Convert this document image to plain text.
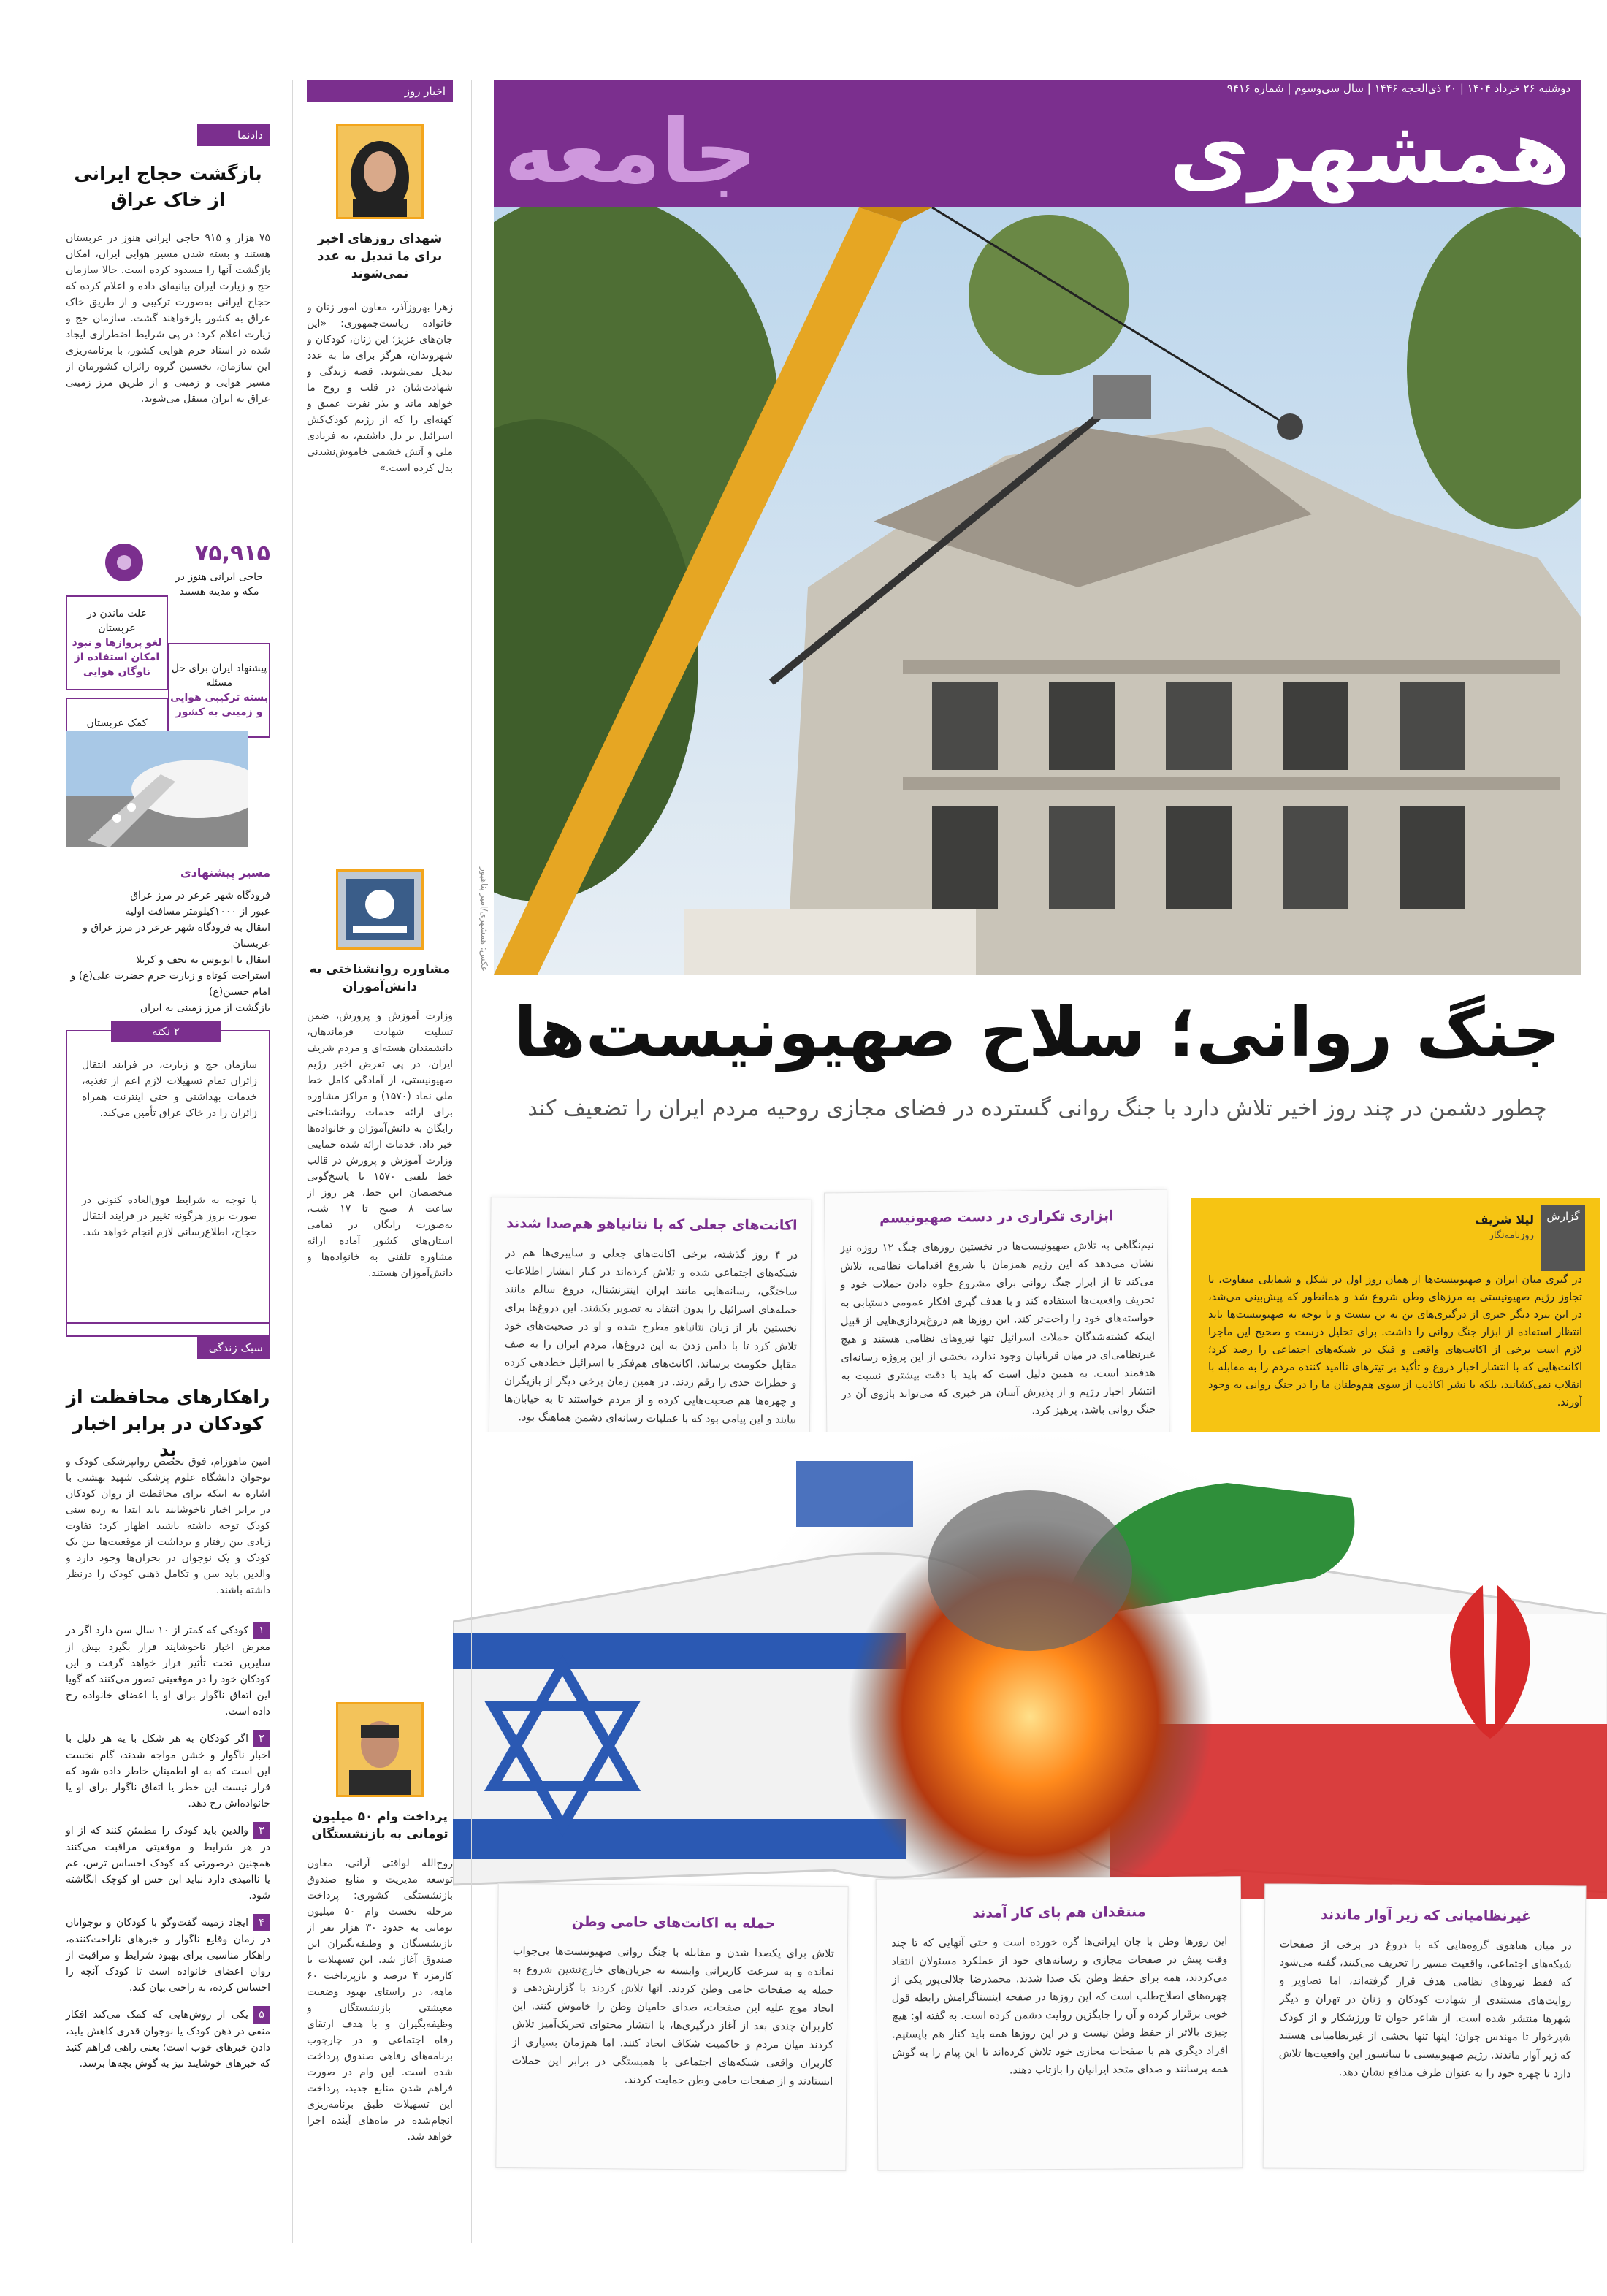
دوشنبه ۲۶ خرداد ۱۴۰۴ | ۲۰ ذی‌الحجه ۱۴۴۶ | سال سی‌وسوم | شماره ۹۴۱۶
همشهری
جامعه
عکس: همشهری/امیر پناهپور
جنگ روانی؛ سلاح صهیونیست‌ها
چطور دشمن در چند روز اخیر تلاش دارد با جنگ روانی گسترده در فضای مجازی روحیه مردم ایران را تضعیف کند
گزارش
لیلا شریف
روزنامه‌نگار
در گیری میان ایران و صهیونیست‌ها از همان روز اول در شکل و شمایلی متفاوت، با تجاوز رژیم صهیونیستی به مرزهای وطن شروع شد و همانطور که پیش‌بینی می‌شد، در این نبرد دیگر خبری از درگیری‌های تن به تن نیست و با توجه به صهیونیست‌ها باید انتظار استفاده از ابزار جنگ روانی را داشت. برای تحلیل درست و صحیح این ماجرا لازم است برخی از اکانت‌های واقعی و فیک در شبکه‌های اجتماعی را رصد کرد؛ اکانت‌هایی که با انتشار اخبار دروغ و تأکید بر تیترهای ناامید کننده مردم را به مقابله با انقلاب نمی‌کشانند، بلکه با نشر اکاذیب از سوی هم‌وطنان ما را در جنگ روانی به وجود آورند.
ابزاری تکراری در دست صهیونیسم
نیم‌نگاهی به تلاش صهیونیست‌ها در نخستین روزهای جنگ ۱۲ روزه نیز نشان می‌دهد که این رژیم همزمان با شروع اقدامات نظامی، تلاش می‌کند تا از ابزار جنگ روانی برای مشروع جلوه دادن حملات خود و تحریف واقعیت‌ها استفاده کند و با هدف گیری افکار عمومی دستیابی به خواسته‌های خود را راحت‌تر کند. این روزها هم دروغ‌پردازی‌هایی از قبیل اینکه کشته‌شدگان حملات اسرائیل تنها نیروهای نظامی هستند و هیچ غیرنظامی‌ای در میان قربانیان وجود ندارد، بخشی از این پروژه رسانه‌ای هدفمند است. به همین دلیل است که باید با دقت بیشتری نسبت به انتشار اخبار رژیم و از پذیرش آسان هر خبری که می‌تواند بازوی آن در جنگ روانی باشد، پرهیز کرد.
اکانت‌های جعلی که با نتانیاهو هم‌صدا شدند
در ۴ روز گذشته، برخی اکانت‌های جعلی و سایبری‌ها هم در شبکه‌های اجتماعی شده و تلاش کرده‌اند در کنار انتشار اطلاعات ساختگی، رسانه‌هایی مانند ایران اینترنشنال، دروغ سالم مانند حمله‌های اسرائیل را بدون انتقاد به تصویر بکشند. این دروغ‌ها برای نخستین بار از زبان نتانیاهو مطرح شده و او در صحبت‌های خود تلاش کرد تا با دامن زدن به این دروغ‌ها، مردم ایران را به صف مقابل حکومت برساند. اکانت‌های هم‌فکر با اسرائیل خط‌دهی کرده و خطرات جدی را رقم زدند. در همین زمان برخی دیگر از بازیگران و چهره‌ها هم صحبت‌هایی کرده و از مردم خواستند تا به خیابان‌ها بیایند و این پیامی بود که با عملیات رسانه‌ای دشمن هماهنگ بود.
غیرنظامیانی که زیر آوار ماندند
در میان هیاهوی گروه‌هایی که با دروغ در برخی از صفحات شبکه‌های اجتماعی، واقعیت مسیر را تحریف می‌کنند، گفته می‌شود که فقط نیروهای نظامی هدف قرار گرفته‌اند، اما تصاویر و روایت‌های مستندی از شهادت کودکان و زنان در تهران و دیگر شهرها منتشر شده است. از شاعر جوان تا ورزشکار و از کودک شیرخوار تا مهندس جوان؛ اینها تنها بخشی از غیرنظامیانی هستند که زیر آوار ماندند. رژیم صهیونیستی با سانسور این واقعیت‌ها تلاش دارد تا چهره خود را به عنوان طرف مدافع نشان دهد.
منتقدان هم پای کار آمدند
این روزها وطن با جان ایرانی‌ها گره خورده است و حتی آنهایی که تا چند وقت پیش در صفحات مجازی و رسانه‌های خود از عملکرد مسئولان انتقاد می‌کردند، همه برای حفظ وطن یک صدا شدند. محمدرضا جلالی‌پور یکی از چهره‌های اصلاح‌طلب است که این روزها در صفحه اینستاگرامش رابطه قول خوبی برقرار کرده و آن را جایگزین روایت دشمن کرده است. به گفته او: هیچ چیزی بالاتر از حفظ وطن نیست و در این روزها همه باید کنار هم بایستیم. افراد دیگری هم با صفحات مجازی خود تلاش کرده‌اند تا این پیام را به گوش همه برسانند و صدای متحد ایرانیان را بازتاب دهند.
حمله به اکانت‌های حامی وطن
تلاش برای یکصدا شدن و مقابله با جنگ روانی صهیونیست‌ها بی‌جواب نمانده و به سرعت کاربرانی وابسته به جریان‌های خارج‌نشین شروع به حمله به صفحات حامی وطن کردند. آنها تلاش کردند با گزارش‌دهی و ایجاد موج علیه این صفحات، صدای حامیان وطن را خاموش کنند. این کاربران چندی بعد از آغاز درگیری‌ها، با انتشار محتوای تحریک‌آمیز تلاش کردند میان مردم و حاکمیت شکاف ایجاد کنند. اما هم‌زمان بسیاری از کاربران واقعی شبکه‌های اجتماعی با همبستگی در برابر این حملات ایستادند و از صفحات حامی وطن حمایت کردند.
اخبار روز
شهدای روزهای اخیر برای ما تبدیل به عدد نمی‌شوند
زهرا بهروزآذر، معاون امور زنان و خانواده ریاست‌جمهوری: «این جان‌های عزیز؛ این زنان، کودکان و شهروندان، هرگز برای ما به عدد تبدیل نمی‌شوند. قصه زندگی و شهادت‌شان در قلب و روح ما خواهد ماند و بذر نفرت عمیق و کهنه‌ای را که از رژیم کودک‌کش اسرائیل بر دل داشتیم، به فریادی ملی و آتش خشمی خاموش‌نشدنی بدل کرده است.»
مشاوره روانشناختی به دانش‌آموزان
وزارت آموزش و پرورش، ضمن تسلیت شهادت فرماندهان، دانشمندان هسته‌ای و مردم شریف ایران، در پی تعرض اخیر رژیم صهیونیستی، از آمادگی کامل خط ملی نماد (۱۵۷۰) و مراکز مشاوره برای ارائه خدمات روانشناختی رایگان به دانش‌آموزان و خانواده‌ها خبر داد. خدمات ارائه شده حمایتی وزارت آموزش و پرورش در قالب خط تلفنی ۱۵۷۰ با پاسخ‌گویی متخصصان این خط، هر روز از ساعت ۸ صبح تا ۱۷ شب، به‌صورت رایگان در تمامی استان‌های کشور آماده ارائه مشاوره تلفنی به خانواده‌ها و دانش‌آموزان هستند.
پرداخت وام ۵۰ میلیون تومانی به بازنشستگان
روح‌الله لواقتی آرانی، معاون توسعه مدیریت و منابع صندوق بازنشستگی کشوری: پرداخت مرحله نخست وام ۵۰ میلیون تومانی به حدود ۳۰ هزار نفر از بازنشستگان و وظیفه‌بگیران این صندوق آغاز شد. این تسهیلات با کارمزد ۴ درصد و بازپرداخت ۶۰ ماهه، در راستای بهبود وضعیت معیشتی بازنشستگان و وظیفه‌بگیران و با هدف ارتقای رفاه اجتماعی و در چارچوب برنامه‌های رفاهی صندوق پرداخت شده است. این وام در صورت فراهم شدن منابع جدید، پرداخت این تسهیلات طبق برنامه‌ریزی انجام‌شده در ماه‌های آینده اجرا خواهد شد.
دادنما
بازگشت حجاج ایرانی از خاک عراق
۷۵ هزار و ۹۱۵ حاجی ایرانی هنوز در عربستان هستند و بسته شدن مسیر هوایی ایران، امکان بازگشت آنها را مسدود کرده است. حالا سازمان حج و زیارت ایران بیانیه‌ای داده و اعلام کرده که حجاج ایرانی به‌صورت ترکیبی و از طریق خاک عراق به کشور بازخواهند گشت. سازمان حج و زیارت اعلام کرد: در پی شرایط اضطراری ایجاد شده در اسناد حرم هوایی کشور، با برنامه‌ریزی این سازمان، نخستین گروه زائران کشورمان از مسیر هوایی و زمینی و از طریق مرز زمینی عراق به ایران منتقل می‌شوند.
۷۵,۹۱۵
حاجی ایرانی هنوز در مکه و مدینه هستند
علت ماندن در عربستان
لغو پروازها و نبود امکان استفاده از ناوگان هوایی	پیشنهاد ایران برای حل مسئله
بسته ترکیبی هوایی و زمینی به کشور
کمک عربستان
مسیر پیشنهادی
فرودگاه شهر عرعر در مرز عراق
عبور از ۱۰۰۰کیلومتر مسافت اولیه
انتقال به فرودگاه شهر عرعر در مرز عراق و عربستان
انتقال با اتوبوس به نجف و کربلا
استراحت کوتاه و زیارت حرم حضرت علی(ع) و امام حسین(ع)
بازگشت از مرز زمینی به ایران
۲ نکته
سازمان حج و زیارت، در فرایند انتقال زائران تمام تسهیلات لازم اعم از تغذیه، خدمات بهداشتی و حتی اینترنت همراه زائران را در خاک عراق تأمین می‌کند.
با توجه به شرایط فوق‌العاده کنونی در صورت بروز هرگونه تغییر در فرایند انتقال حجاج، اطلاع‌رسانی لازم انجام خواهد شد.
سبک زندگی
راهکارهای محافظت از کودکان در برابر اخبار بد
امین ماهوزام، فوق تخصص روانپزشکی کودک و نوجوان دانشگاه علوم پزشکی شهید بهشتی با اشاره به اینکه برای محافظت از روان کودکان در برابر اخبار ناخوشایند باید ابتدا به رده‌ سنی کودک توجه داشته باشید اظهار کرد: تفاوت زیادی بین رفتار و برداشت از موقعیت‌ها بین یک کودک و یک نوجوان در بحران‌ها وجود دارد و والدین باید سن و تکامل ذهنی کودک را درنظر داشته باشند.
۱کودکی که کمتر از ۱۰ سال سن دارد اگر در معرض اخبار ناخوشایند قرار بگیرد بیش از سایرین تحت تأثیر قرار خواهد گرفت و این کودکان خود را در موقعیتی تصور می‌کنند که گویا این اتفاق ناگوار برای او یا اعضای خانواده رخ داده است.
۲اگر کودکان به هر شکل با یه هر دلیل با اخبار ناگوار و خشن مواجه شدند، گام نخست این است که به او اطمینان خاطر داده شود که قرار نیست این خطر یا اتفاق ناگوار برای او یا خانواده‌اش رخ دهد.
۳والدین باید کودک را مطمئن کنند که از او در هر شرایط و موقعیتی مراقبت می‌کنند همچنین درصورتی که کودک احساس ترس، غم یا ناامیدی دارد نباید این حس او کوچک انگاشته شود.
۴ایجاد زمینه گفت‌وگو با کودکان و نوجوانان در زمان وقایع ناگوار و خبرهای ناراحت‌کننده، راهکار مناسبی برای بهبود شرایط و مراقبت از روان اعضای خانواده است تا کودک آنچه را احساس کرده، به راحتی بیان کند.
۵یکی از روش‌هایی که کمک می‌کند افکار منفی در ذهن کودک یا نوجوان قدری کاهش یابد، دادن خبرهای خوب است؛ بعنی راهی فراهم کنید که خبرهای خوشایند نیز به گوش بچه‌ها برسد.
